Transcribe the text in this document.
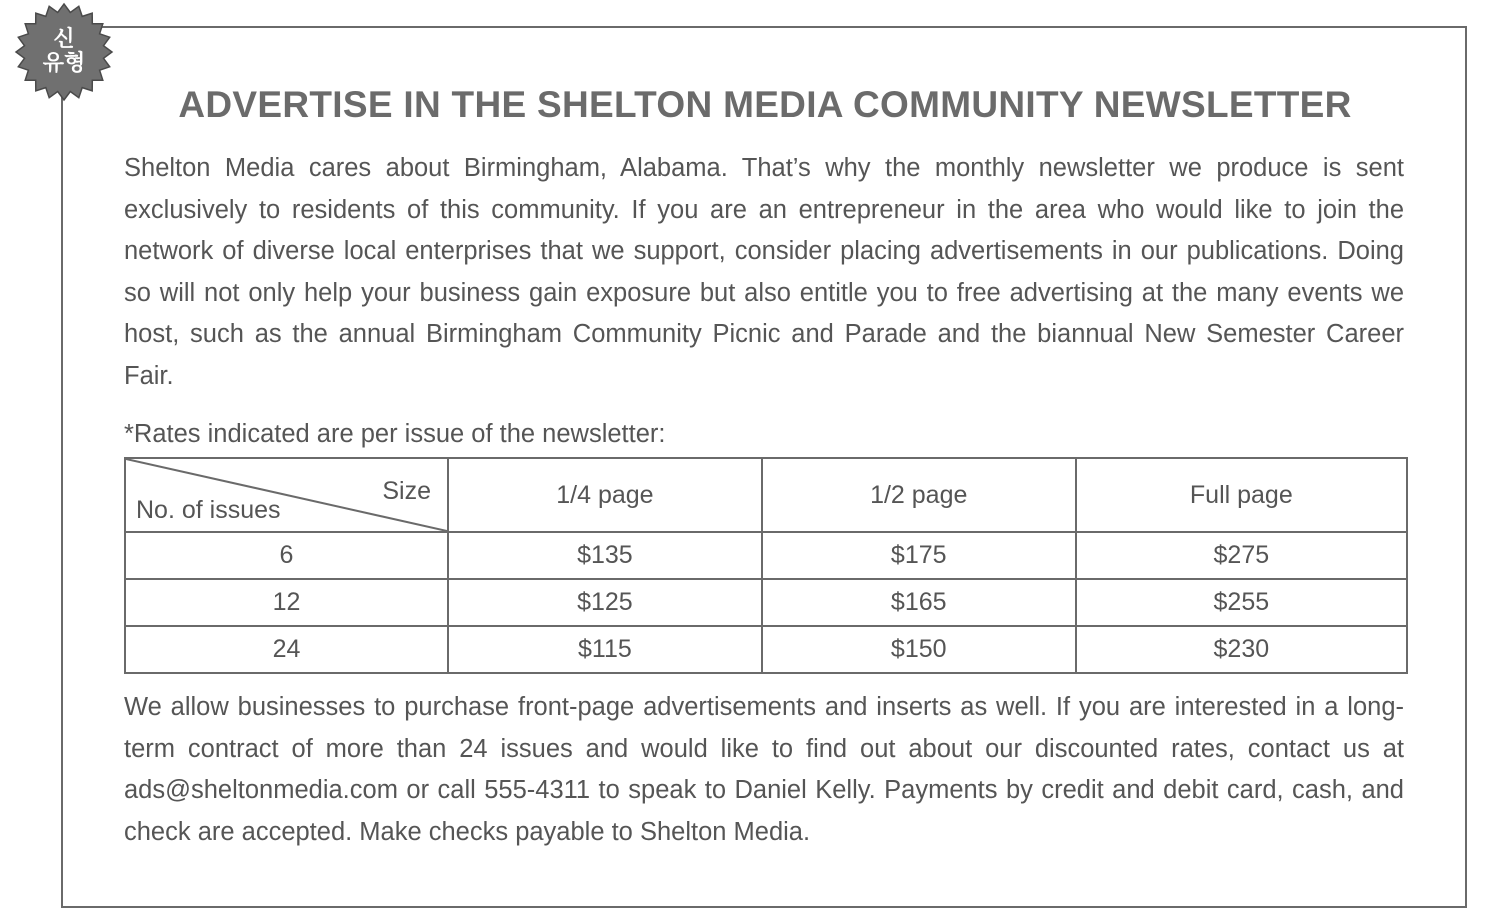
신
유형
ADVERTISE IN THE SHELTON MEDIA COMMUNITY NEWSLETTER
Shelton Media cares about Birmingham, Alabama. That’s why the monthly newsletter we produce is sent exclusively to residents of this community. If you are an entrepreneur in the area who would like to join the network of diverse local enterprises that we support, consider placing advertisements in our publications. Doing so will not only help your business gain exposure but also entitle you to free advertising at the many events we host, such as the annual Birmingham Community Picnic and Parade and the biannual New Semester Career Fair.
*Rates indicated are per issue of the newsletter:
Size
No. of issues	1/4 page	1/2 page	Full page
6	$135	$175	$275
12	$125	$165	$255
24	$115	$150	$230
We allow businesses to purchase front-page advertisements and inserts as well. If you are interested in a long-term contract of more than 24 issues and would like to find out about our discounted rates, contact us at ads@sheltonmedia.com or call 555-4311 to speak to Daniel Kelly. Payments by credit and debit card, cash, and check are accepted. Make checks payable to Shelton Media.
